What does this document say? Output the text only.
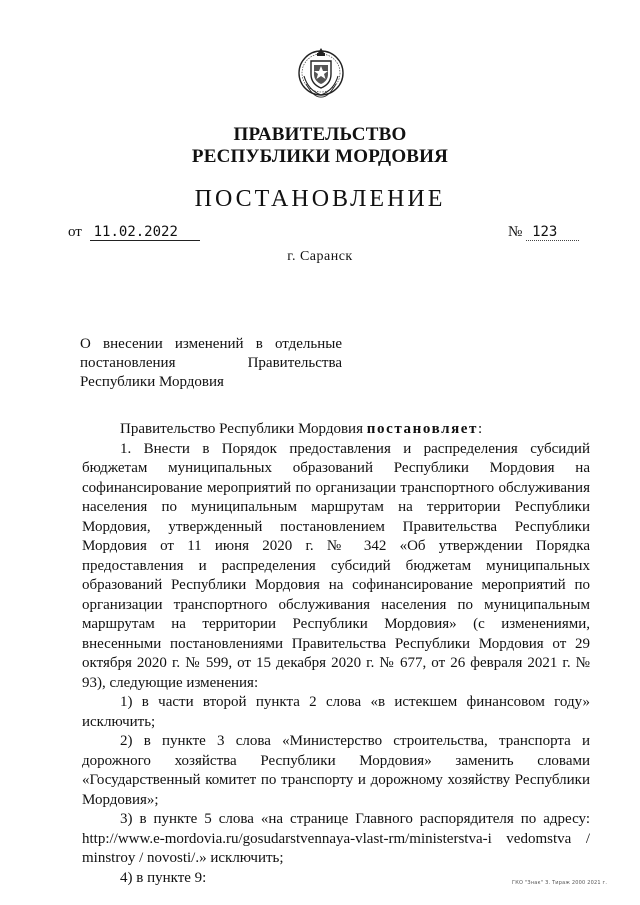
ПРАВИТЕЛЬСТВО
РЕСПУБЛИКИ МОРДОВИЯ
ПОСТАНОВЛЕНИЕ
от 11.02.2022	№ 123
г. Саранск
О внесении изменений в отдельные постановления Правительства Республики Мордовия

Правительство Республики Мордовия постановляет:

1. Внести в Порядок предоставления и распределения субсидий бюджетам муниципальных образований Республики Мордовия на софинансирование мероприятий по организации транспортного обслуживания населения по муниципальным маршрутам на территории Республики Мордовия, утвержденный постановлением Правительства Республики Мордовия от 11 июня 2020 г. № 342 «Об утверждении Порядка предоставления и распределения субсидий бюджетам муниципальных образований Республики Мордовия на софинансирование мероприятий по организации транспортного обслуживания населения по муниципальным маршрутам на территории Республики Мордовия» (с изменениями, внесенными постановлениями Правительства Республики Мордовия от 29 октября 2020 г. № 599, от 15 декабря 2020 г. № 677, от 26 февраля 2021 г. № 93), следующие изменения:

1) в части второй пункта 2 слова «в истекшем финансовом году» исключить;

2) в пункте 3 слова «Министерство строительства, транспорта и дорожного хозяйства Республики Мордовия» заменить словами «Государственный комитет по транспорту и дорожному хозяйству Республики Мордовия»;

3) в пункте 5 слова «на странице Главного распорядителя по адресу: http://www.e-mordovia.ru/gosudarstvennaya-vlast-rm/ministerstva-i vedomstva / minstroy / novosti/.» исключить;

4) в пункте 9:	ГКО "Знак" З. Тираж 2000 2021 г.
